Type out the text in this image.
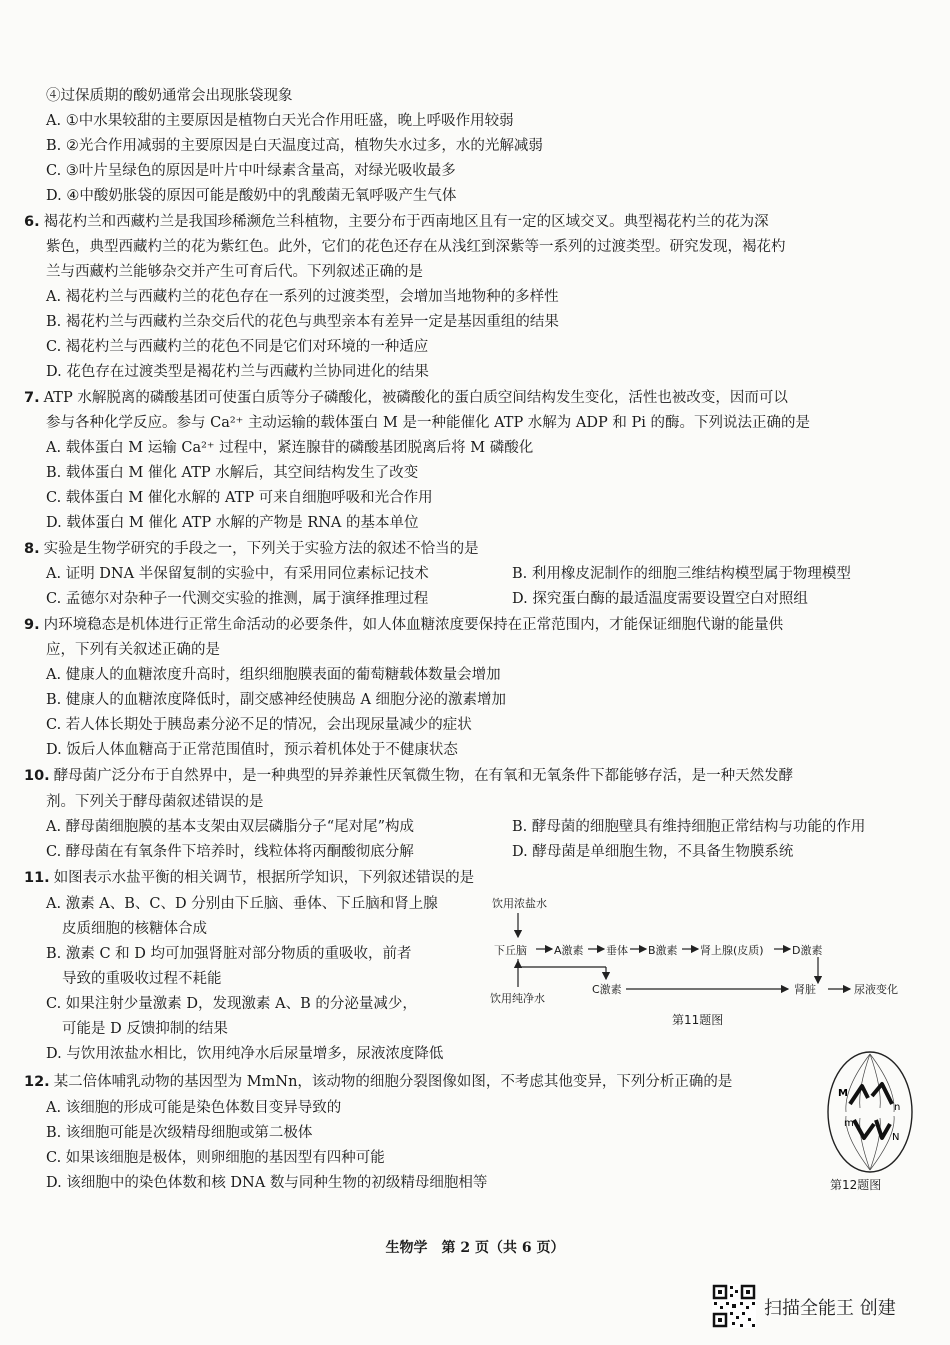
④过保质期的酸奶通常会出现胀袋现象
A. ①中水果较甜的主要原因是植物白天光合作用旺盛，晚上呼吸作用较弱
B. ②光合作用减弱的主要原因是白天温度过高，植物失水过多，水的光解减弱
C. ③叶片呈绿色的原因是叶片中叶绿素含量高，对绿光吸收最多
D. ④中酸奶胀袋的原因可能是酸奶中的乳酸菌无氧呼吸产生气体
6. 褐花杓兰和西藏杓兰是我国珍稀濒危兰科植物，主要分布于西南地区且有一定的区域交叉。典型褐花杓兰的花为深
紫色，典型西藏杓兰的花为紫红色。此外，它们的花色还存在从浅红到深紫等一系列的过渡类型。研究发现，褐花杓
兰与西藏杓兰能够杂交并产生可育后代。下列叙述正确的是
A. 褐花杓兰与西藏杓兰的花色存在一系列的过渡类型，会增加当地物种的多样性
B. 褐花杓兰与西藏杓兰杂交后代的花色与典型亲本有差异一定是基因重组的结果
C. 褐花杓兰与西藏杓兰的花色不同是它们对环境的一种适应
D. 花色存在过渡类型是褐花杓兰与西藏杓兰协同进化的结果
7. ATP 水解脱离的磷酸基团可使蛋白质等分子磷酸化，被磷酸化的蛋白质空间结构发生变化，活性也被改变，因而可以
参与各种化学反应。参与 Ca²⁺ 主动运输的载体蛋白 M 是一种能催化 ATP 水解为 ADP 和 Pi 的酶。下列说法正确的是
A. 载体蛋白 M 运输 Ca²⁺ 过程中，紧连腺苷的磷酸基团脱离后将 M 磷酸化
B. 载体蛋白 M 催化 ATP 水解后，其空间结构发生了改变
C. 载体蛋白 M 催化水解的 ATP 可来自细胞呼吸和光合作用
D. 载体蛋白 M 催化 ATP 水解的产物是 RNA 的基本单位
8. 实验是生物学研究的手段之一，下列关于实验方法的叙述不恰当的是
A. 证明 DNA 半保留复制的实验中，有采用同位素标记技术	B. 利用橡皮泥制作的细胞三维结构模型属于物理模型
C. 孟德尔对杂种子一代测交实验的推测，属于演绎推理过程	D. 探究蛋白酶的最适温度需要设置空白对照组
9. 内环境稳态是机体进行正常生命活动的必要条件，如人体血糖浓度要保持在正常范围内，才能保证细胞代谢的能量供
应，下列有关叙述正确的是
A. 健康人的血糖浓度升高时，组织细胞膜表面的葡萄糖载体数量会增加
B. 健康人的血糖浓度降低时，副交感神经使胰岛 A 细胞分泌的激素增加
C. 若人体长期处于胰岛素分泌不足的情况，会出现尿量减少的症状
D. 饭后人体血糖高于正常范围值时，预示着机体处于不健康状态
10. 酵母菌广泛分布于自然界中，是一种典型的异养兼性厌氧微生物，在有氧和无氧条件下都能够存活，是一种天然发酵
剂。下列关于酵母菌叙述错误的是
A. 酵母菌细胞膜的基本支架由双层磷脂分子“尾对尾”构成	B. 酵母菌的细胞壁具有维持细胞正常结构与功能的作用
C. 酵母菌在有氧条件下培养时，线粒体将丙酮酸彻底分解	D. 酵母菌是单细胞生物，不具备生物膜系统
11. 如图表示水盐平衡的相关调节，根据所学知识，下列叙述错误的是
A. 激素 A、B、C、D 分别由下丘脑、垂体、下丘脑和肾上腺
皮质细胞的核糖体合成
B. 激素 C 和 D 均可加强肾脏对部分物质的重吸收，前者
导致的重吸收过程不耗能
C. 如果注射少量激素 D，发现激素 A、B 的分泌量减少，
可能是 D 反馈抑制的结果
D. 与饮用浓盐水相比，饮用纯净水后尿量增多，尿液浓度降低
饮用浓盐水
下丘脑 A激素 垂体 B激素 肾上腺(皮质)	D激素
饮用纯净水
C激素	肾脏	尿液变化
第11题图
12. 某二倍体哺乳动物的基因型为 MmNn，该动物的细胞分裂图像如图，不考虑其他变异，下列分析正确的是
A. 该细胞的形成可能是染色体数目变异导致的
B. 该细胞可能是次级精母细胞或第二极体
C. 如果该细胞是极体，则卵细胞的基因型有四种可能
D. 该细胞中的染色体数和核 DNA 数与同种生物的初级精母细胞相等
M
n
m
N
第12题图
生物学　第 2 页（共 6 页）
扫描全能王 创建
